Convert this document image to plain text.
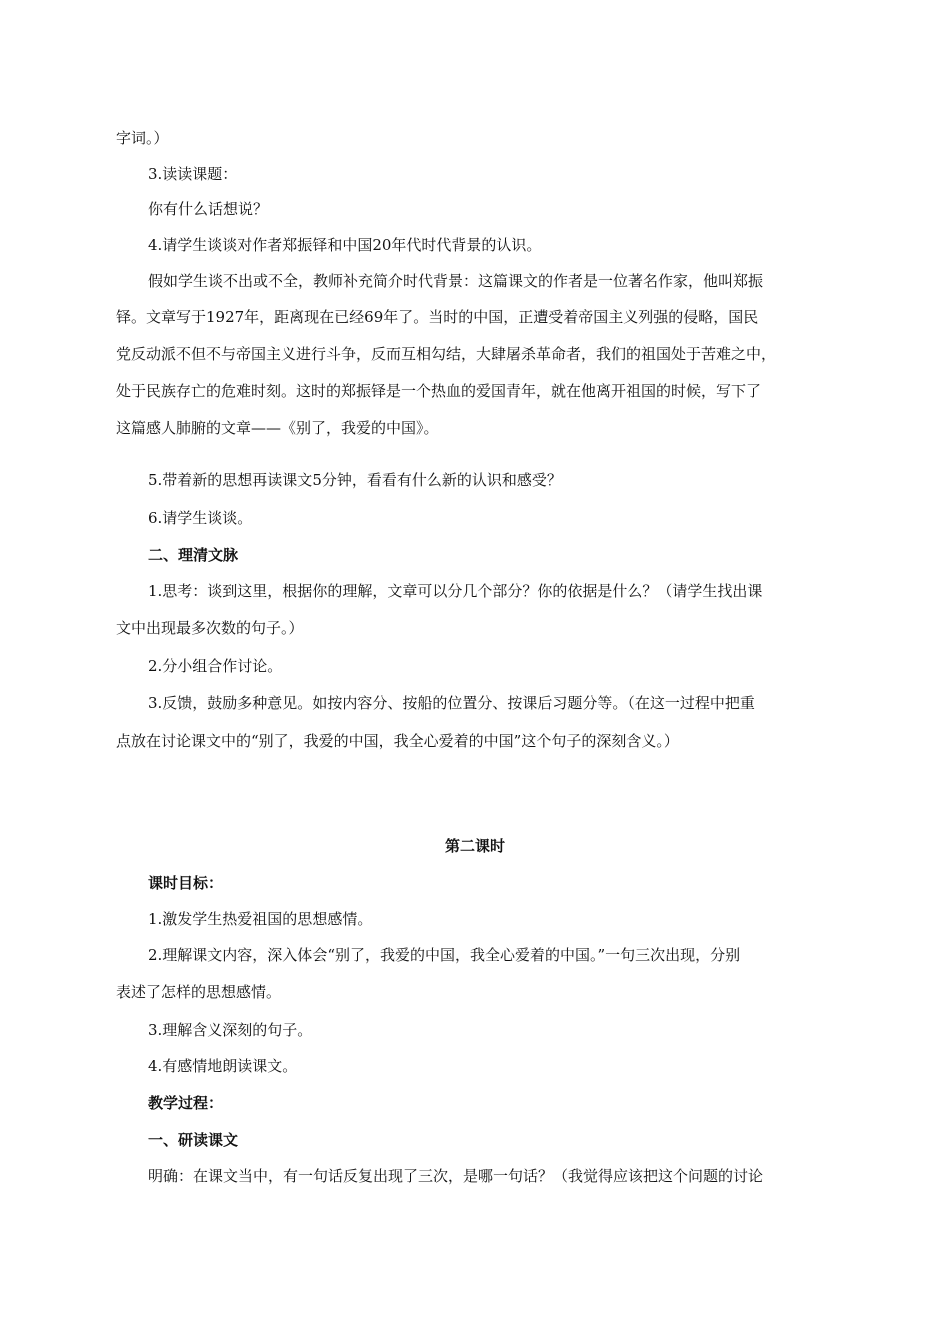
字词。）
3.读读课题：
你有什么话想说？
4.请学生谈谈对作者郑振铎和中国20年代时代背景的认识。
假如学生谈不出或不全，教师补充简介时代背景：这篇课文的作者是一位著名作家，他叫郑振
铎。文章写于1927年，距离现在已经69年了。当时的中国，正遭受着帝国主义列强的侵略，国民
党反动派不但不与帝国主义进行斗争，反而互相勾结，大肆屠杀革命者，我们的祖国处于苦难之中，
处于民族存亡的危难时刻。这时的郑振铎是一个热血的爱国青年，就在他离开祖国的时候，写下了
这篇感人肺腑的文章——《别了，我爱的中国》。
5.带着新的思想再读课文5分钟，看看有什么新的认识和感受？
6.请学生谈谈。
二、理清文脉
1.思考：谈到这里，根据你的理解，文章可以分几个部分？你的依据是什么？（请学生找出课
文中出现最多次数的句子。）
2.分小组合作讨论。
3.反馈，鼓励多种意见。如按内容分、按船的位置分、按课后习题分等。（在这一过程中把重
点放在讨论课文中的“别了，我爱的中国，我全心爱着的中国”这个句子的深刻含义。）
第二课时
课时目标：
1.激发学生热爱祖国的思想感情。
2.理解课文内容，深入体会“别了，我爱的中国，我全心爱着的中国。”一句三次出现，分别
表述了怎样的思想感情。
3.理解含义深刻的句子。
4.有感情地朗读课文。
教学过程：
一、研读课文
明确：在课文当中，有一句话反复出现了三次，是哪一句话？（我觉得应该把这个问题的讨论
